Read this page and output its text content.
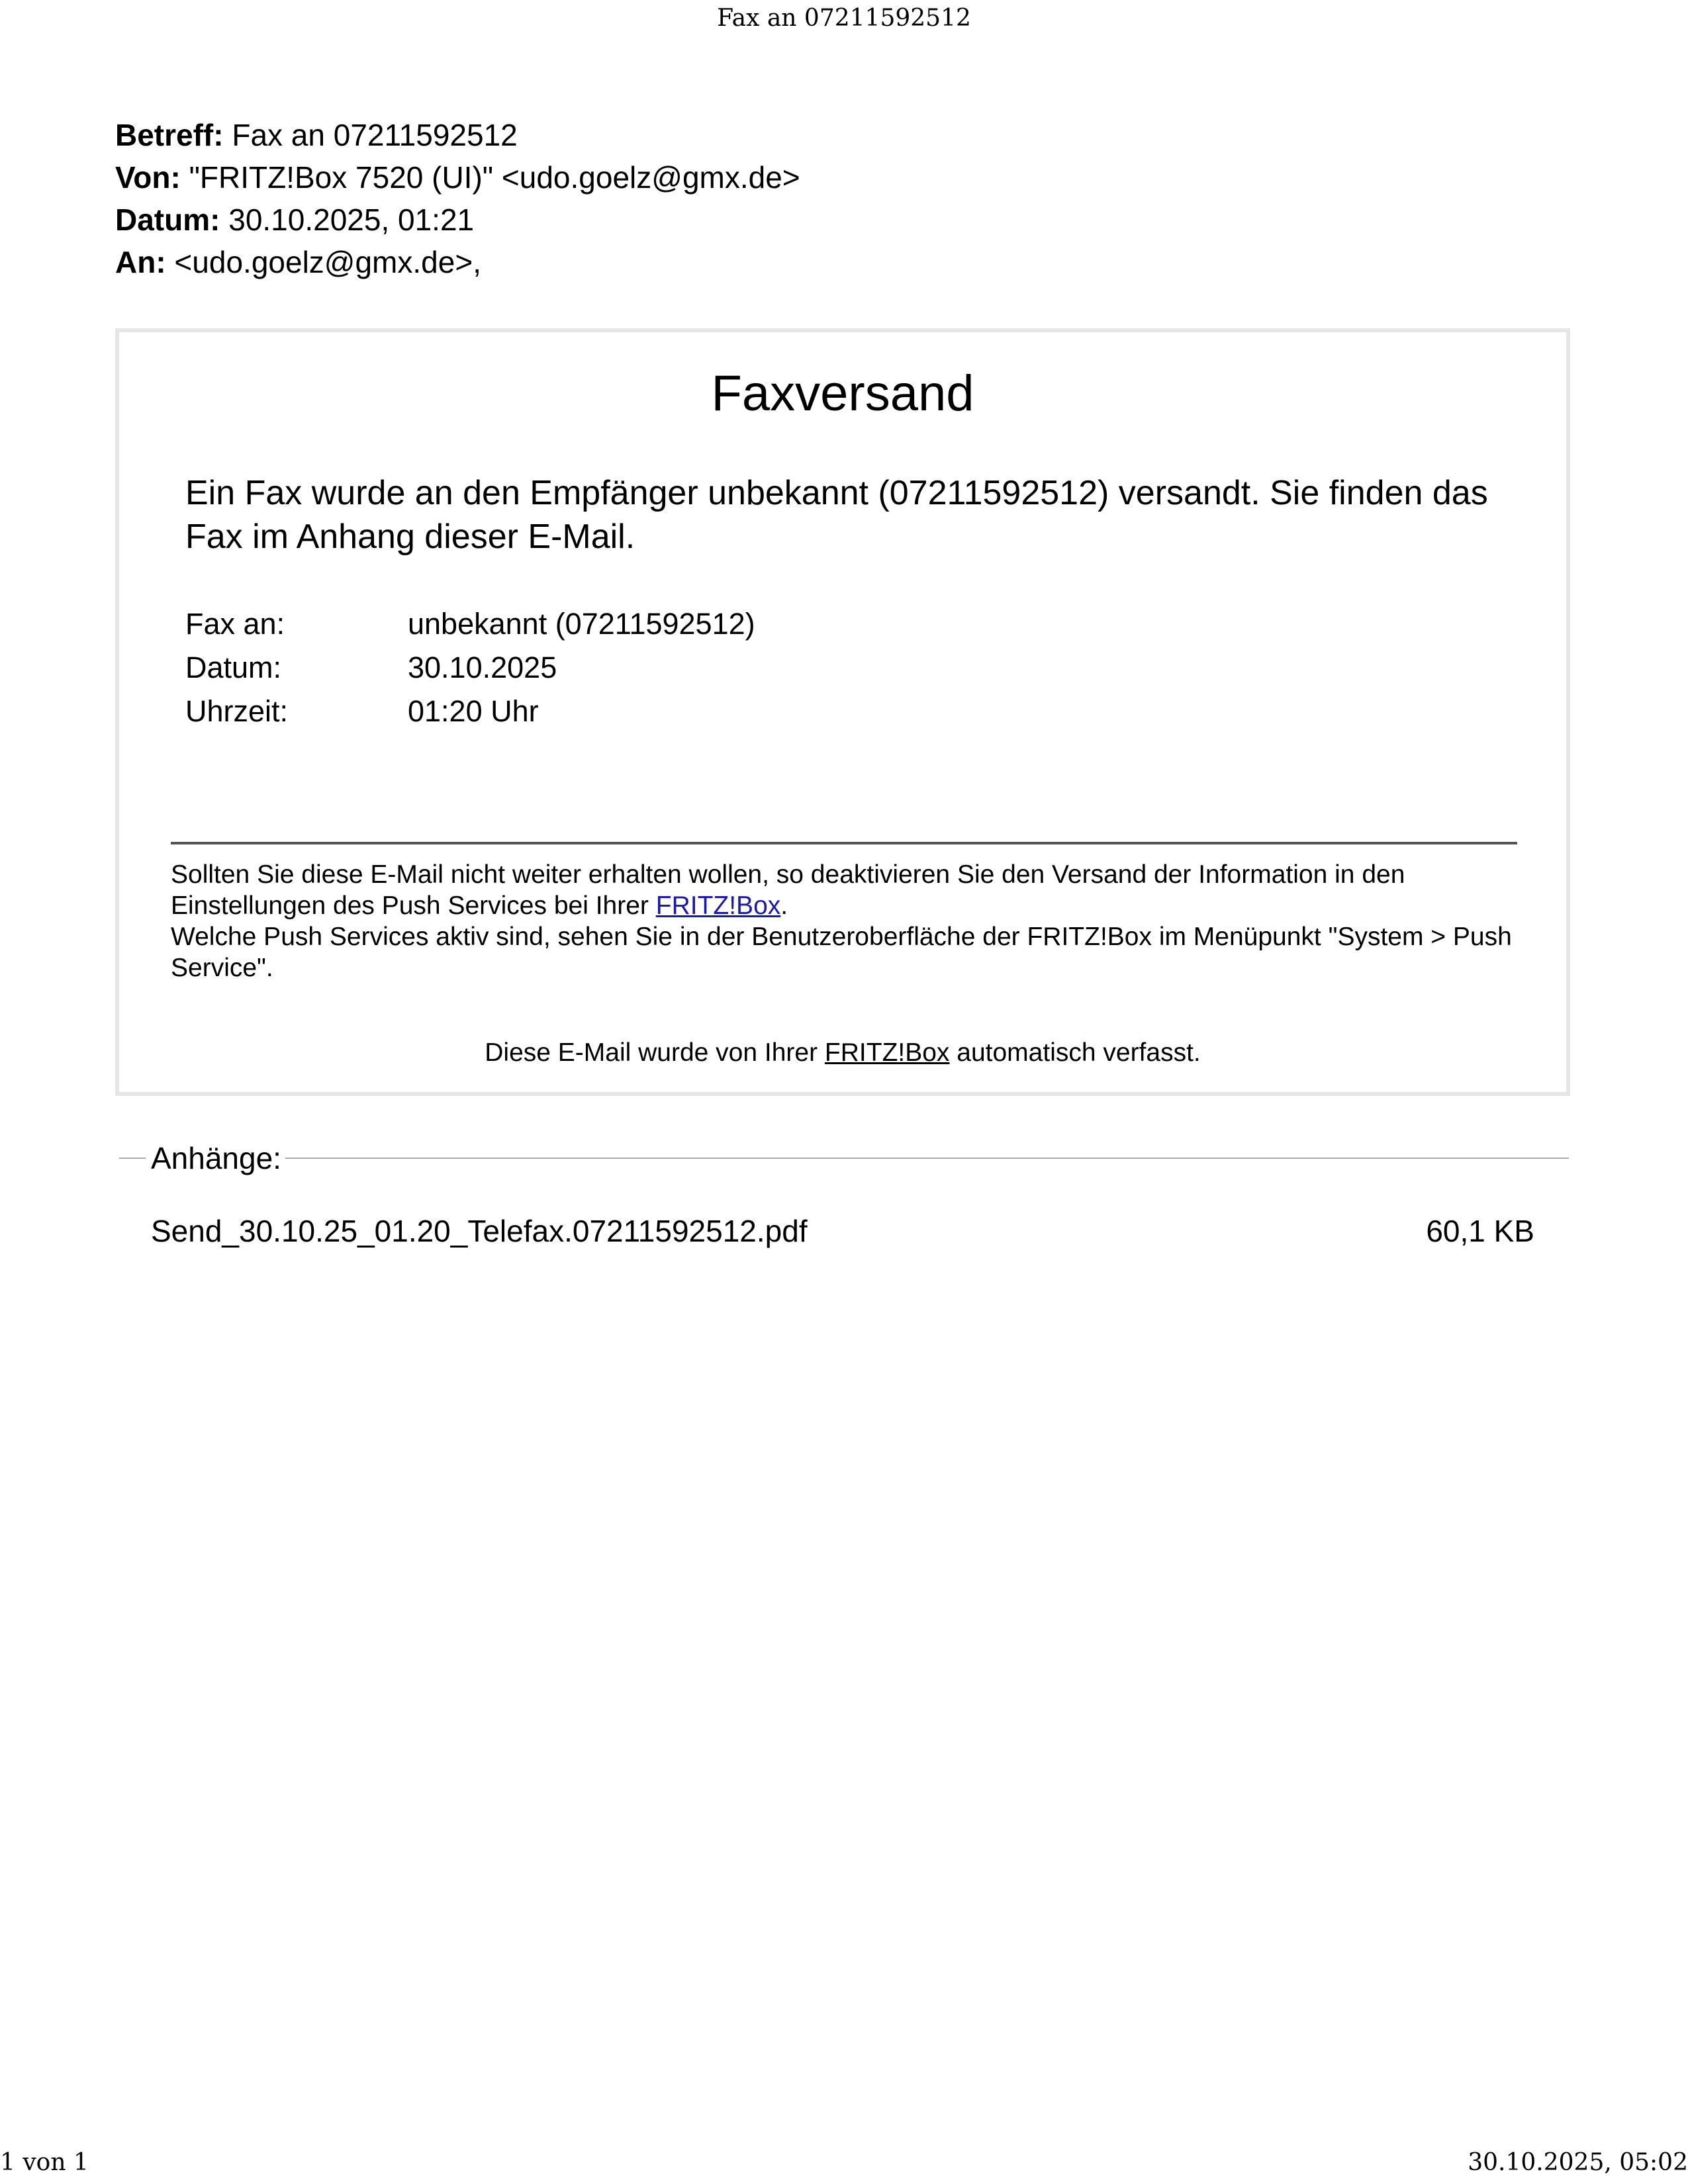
Fax an 07211592512
Betreff: Fax an 07211592512
Von: "FRITZ!Box 7520 (UI)" <udo.goelz@gmx.de>
Datum: 30.10.2025, 01:21
An: <udo.goelz@gmx.de>,
Faxversand
Ein Fax wurde an den Empfänger unbekannt (07211592512) versandt. Sie finden das Fax im Anhang dieser E-Mail.
Fax an:	unbekannt (07211592512)
Datum:	30.10.2025
Uhrzeit:	01:20 Uhr
Sollten Sie diese E-Mail nicht weiter erhalten wollen, so deaktivieren Sie den Versand der Information in den Einstellungen des Push Services bei Ihrer FRITZ!Box.
Welche Push Services aktiv sind, sehen Sie in der Benutzeroberfläche der FRITZ!Box im Menüpunkt "System > Push Service".
Diese E-Mail wurde von Ihrer FRITZ!Box automatisch verfasst.
Anhänge:
Send_30.10.25_01.20_Telefax.07211592512.pdf	60,1 KB
1 von 1	30.10.2025, 05:02
